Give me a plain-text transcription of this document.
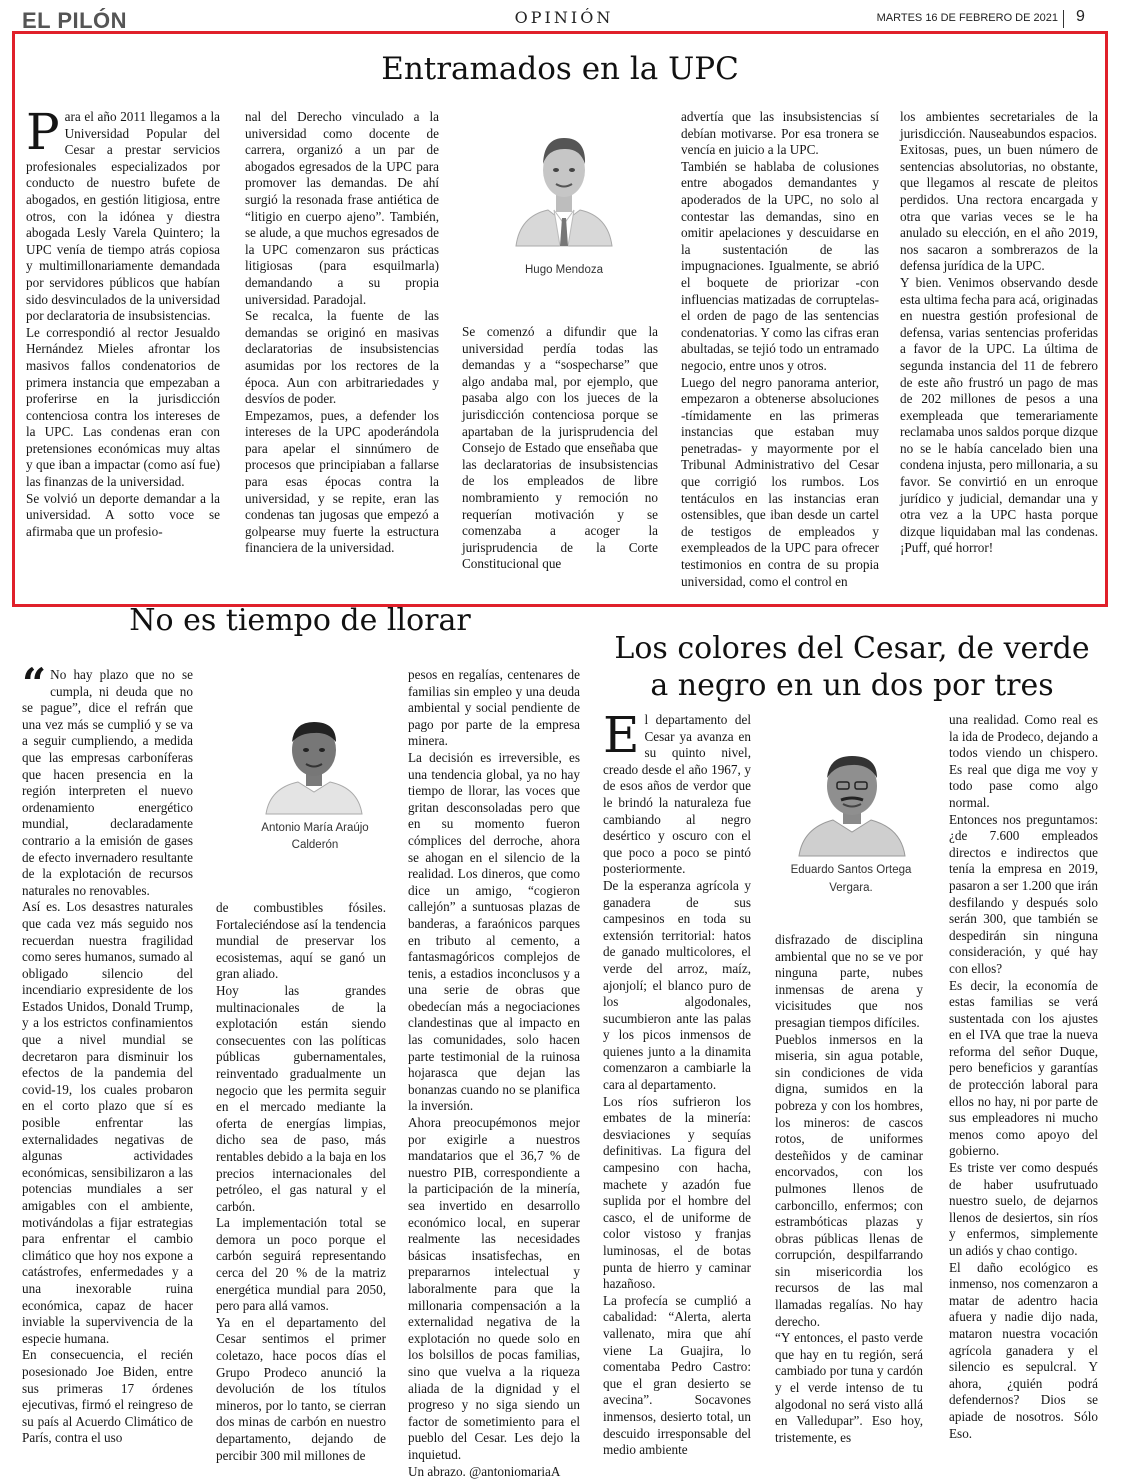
EL PILÓN	OPINIÓN	MARTES 16 DE FEBRERO DE 2021 9
Entramados en la UPC
Para el año 2011 llegamos a la Universidad Popular del Cesar a prestar servicios profesionales especializados por conducto de nuestro bufete de abogados, en gestión litigiosa, entre otros, con la idónea y diestra abogada Lesly Varela Quintero; la UPC venía de tiempo atrás copiosa y multimillonariamente demandada por servidores públicos que habían sido desvinculados de la universidad por declaratoria de insubsistencias.

Le correspondió al rector Jesualdo Hernández Mieles afrontar los masivos fallos condenatorios de primera instancia que empezaban a proferirse en la jurisdicción contenciosa contra los intereses de la UPC. Las condenas eran con pretensiones económicas muy altas y que iban a impactar (como así fue) las finanzas de la universidad.

Se volvió un deporte demandar a la universidad. A sotto voce se afirmaba que un profesio-

nal del Derecho vinculado a la universidad como docente de carrera, organizó a un par de abogados egresados de la UPC para promover las demandas. De ahí surgió la resonada frase antiética de “litigio en cuerpo ajeno”. También, se alude, a que muchos egresados de la UPC comenzaron sus prácticas litigiosas (para esquilmarla) demandando a su propia universidad. Paradojal.

Se recalca, la fuente de las demandas se originó en masivas declaratorias de insubsistencias asumidas por los rectores de la época. Aun con arbitrariedades y desvíos de poder.

Empezamos, pues, a defender los intereses de la UPC apoderándola para apelar el sinnúmero de procesos que principiaban a fallarse para esas épocas contra la universidad, y se repite, eran las condenas tan jugosas que empezó a golpearse muy fuerte la estructura financiera de la universidad.

Hugo Mendoza
Se comenzó a difundir que la universidad perdía todas las demandas y a “sospecharse” que algo andaba mal, por ejemplo, que pasaba algo con los jueces de la jurisdicción contenciosa porque se apartaban de la jurisprudencia del Consejo de Estado que enseñaba que las declaratorias de insubsistencias de los empleados de libre nombramiento y remoción no requerían motivación y se comenzaba a acoger la jurisprudencia de la Corte Constitucional que
advertía que las insubsistencias sí debían motivarse. Por esa tronera se vencía en juicio a la UPC.

También se hablaba de colusiones entre abogados demandantes y apoderados de la UPC, no solo al contestar las demandas, sino en omitir apelaciones y descuidarse en la sustentación de las impugnaciones. Igualmente, se abrió el boquete de priorizar -con influencias matizadas de corruptelas- el orden de pago de las sentencias condenatorias. Y como las cifras eran abultadas, se tejió todo un entramado negocio, entre unos y otros.

Luego del negro panorama anterior, empezaron a obtenerse absoluciones -tímidamente en las primeras instancias que estaban muy penetradas- y mayormente por el Tribunal Administrativo del Cesar que corrigió los rumbos. Los tentáculos en las instancias eran ostensibles, que iban desde un cartel de testigos de empleados y exempleados de la UPC para ofrecer testimonios en contra de su propia universidad, como el control en

los ambientes secretariales de la jurisdicción. Nauseabundos espacios.

Exitosas, pues, un buen número de sentencias absolutorias, no obstante, que llegamos al rescate de pleitos perdidos. Una rectora encargada y otra que varias veces se le ha anulado su elección, en el año 2019, nos sacaron a sombrerazos de la defensa jurídica de la UPC.

Y bien. Venimos observando desde esta ultima fecha para acá, originadas en nuestra gestión profesional de defensa, varias sentencias proferidas a favor de la UPC. La última de segunda instancia del 11 de febrero de este año frustró un pago de mas de 202 millones de pesos a una exempleada que temerariamente reclamaba unos saldos porque dizque no se le había cancelado bien una condena injusta, pero millonaria, a su favor. Se convirtió en un enroque jurídico y judicial, demandar una y otra vez a la UPC hasta porque dizque liquidaban mal las condenas. ¡Puff, qué horror!

No es tiempo de llorar
“ No hay plazo que no se cumpla, ni deuda que no se pague”, dice el refrán que una vez más se cumplió y se va a seguir cumpliendo, a medida que las empresas carboníferas que hacen presencia en la región interpreten el nuevo ordenamiento energético mundial, declaradamente contrario a la emisión de gases de efecto invernadero resultante de la explotación de recursos naturales no renovables.

Así es. Los desastres naturales que cada vez más seguido nos recuerdan nuestra fragilidad como seres humanos, sumado al obligado silencio del incendiario expresidente de los Estados Unidos, Donald Trump, y a los estrictos confinamientos que a nivel mundial se decretaron para disminuir los efectos de la pandemia del covid-19, los cuales probaron en el corto plazo que sí es posible enfrentar las externalidades negativas de algunas actividades económicas, sensibilizaron a las potencias mundiales a ser amigables con el ambiente, motivándolas a fijar estrategias para enfrentar el cambio climático que hoy nos expone a catástrofes, enfermedades y a una inexorable ruina económica, capaz de hacer inviable la supervivencia de la especie humana.

En consecuencia, el recién posesionado Joe Biden, entre sus primeras 17 órdenes ejecutivas, firmó el reingreso de su país al Acuerdo Climático de París, contra el uso

Antonio María Araújo
Calderón
de combustibles fósiles. Fortaleciéndose así la tendencia mundial de preservar los ecosistemas, aquí se ganó un gran aliado.

Hoy las grandes multinacionales de la explotación están siendo consecuentes con las políticas públicas gubernamentales, reinventado gradualmente un negocio que les permita seguir en el mercado mediante la oferta de energías limpias, dicho sea de paso, más rentables debido a la baja en los precios internacionales del petróleo, el gas natural y el carbón.

La implementación total se demora un poco porque el carbón seguirá representando cerca del 20 % de la matriz energética mundial para 2050, pero para allá vamos.

Ya en el departamento del Cesar sentimos el primer coletazo, hace pocos días el Grupo Prodeco anunció la devolución de los títulos mineros, por lo tanto, se cierran dos minas de carbón en nuestro departamento, dejando de percibir 300 mil millones de

pesos en regalías, centenares de familias sin empleo y una deuda ambiental y social pendiente de pago por parte de la empresa minera.

La decisión es irreversible, es una tendencia global, ya no hay tiempo de llorar, las voces que gritan desconsoladas pero que en su momento fueron cómplices del derroche, ahora se ahogan en el silencio de la realidad. Los dineros, que como dice un amigo, “cogieron callejón” a suntuosas plazas de banderas, a faraónicos parques en tributo al cemento, a fantasmagóricos complejos de tenis, a estadios inconclusos y a una serie de obras que obedecían más a negociaciones clandestinas que al impacto en las comunidades, solo hacen parte testimonial de la ruinosa hojarasca que dejan las bonanzas cuando no se planifica la inversión.

Ahora preocupémonos mejor por exigirle a nuestros mandatarios que el 36,7 % de nuestro PIB, correspondiente a la participación de la minería, sea invertido en desarrollo económico local, en superar realmente las necesidades básicas insatisfechas, en prepararnos intelectual y laboralmente para que la millonaria compensación a la externalidad negativa de la explotación no quede solo en los bolsillos de pocas familias, sino que vuelva a la riqueza aliada de la dignidad y el progreso y no siga siendo un factor de sometimiento para el pueblo del Cesar. Les dejo la inquietud.

Un abrazo. @antoniomariaA

Los colores del Cesar, de verde
a negro en un dos por tres
El departamento del Cesar ya avanza en su quinto nivel, creado desde el año 1967, y de esos años de verdor que le brindó la naturaleza fue cambiando al negro desértico y oscuro con el que poco a poco se pintó posteriormente.

De la esperanza agrícola y ganadera de sus campesinos en toda su extensión territorial: hatos de ganado multicolores, el verde del arroz, maíz, ajonjolí; el blanco puro de los algodonales, sucumbieron ante las palas y los picos inmensos de quienes junto a la dinamita comenzaron a cambiarle la cara al departamento.

Los ríos sufrieron los embates de la minería: desviaciones y sequías definitivas. La figura del campesino con hacha, machete y azadón fue suplida por el hombre del casco, el de uniforme de color vistoso y franjas luminosas, el de botas punta de hierro y caminar hazañoso.

La profecía se cumplió a cabalidad: “Alerta, alerta vallenato, mira que ahí viene La Guajira, lo comentaba Pedro Castro: que el gran desierto se avecina”. Socavones inmensos, desierto total, un descuido irresponsable del medio ambiente

Eduardo Santos Ortega
Vergara.
disfrazado de disciplina ambiental que no se ve por ninguna parte, nubes inmensas de arena y vicisitudes que nos presagian tiempos difíciles.

Pueblos inmersos en la miseria, sin agua potable, sin condiciones de vida digna, sumidos en la pobreza y con los hombres, los mineros: de cascos rotos, de uniformes desteñidos y de caminar encorvados, con los pulmones llenos de carboncillo, enfermos; con estrambóticas plazas y obras públicas llenas de corrupción, despilfarrando sin misericordia los recursos de las mal llamadas regalías. No hay derecho.

“Y entonces, el pasto verde que hay en tu región, será cambiado por tuna y cardón y el verde intenso de tu algodonal no será visto allá en Valledupar”. Eso hoy, tristemente, es

una realidad. Como real es la ida de Prodeco, dejando a todos viendo un chispero. Es real que diga me voy y todo pase como algo normal.

Entonces nos preguntamos: ¿de 7.600 empleados directos e indirectos que tenía la empresa en 2019, pasaron a ser 1.200 que irán desfilando y después solo serán 300, que también se despedirán sin ninguna consideración, y qué hay con ellos?

Es decir, la economía de estas familias se verá sustentada con los ajustes en el IVA que trae la nueva reforma del señor Duque, pero beneficios y garantías de protección laboral para ellos no hay, ni por parte de sus empleadores ni mucho menos como apoyo del gobierno.

Es triste ver como después de haber usufrutuado nuestro suelo, de dejarnos llenos de desiertos, sin ríos y enfermos, simplemente un adiós y chao contigo.

El daño ecológico es inmenso, nos comenzaron a matar de adentro hacia afuera y nadie dijo nada, mataron nuestra vocación agrícola ganadera y el silencio es sepulcral. Y ahora, ¿quién podrá defendernos? Dios se apiade de nosotros. Sólo Eso.
